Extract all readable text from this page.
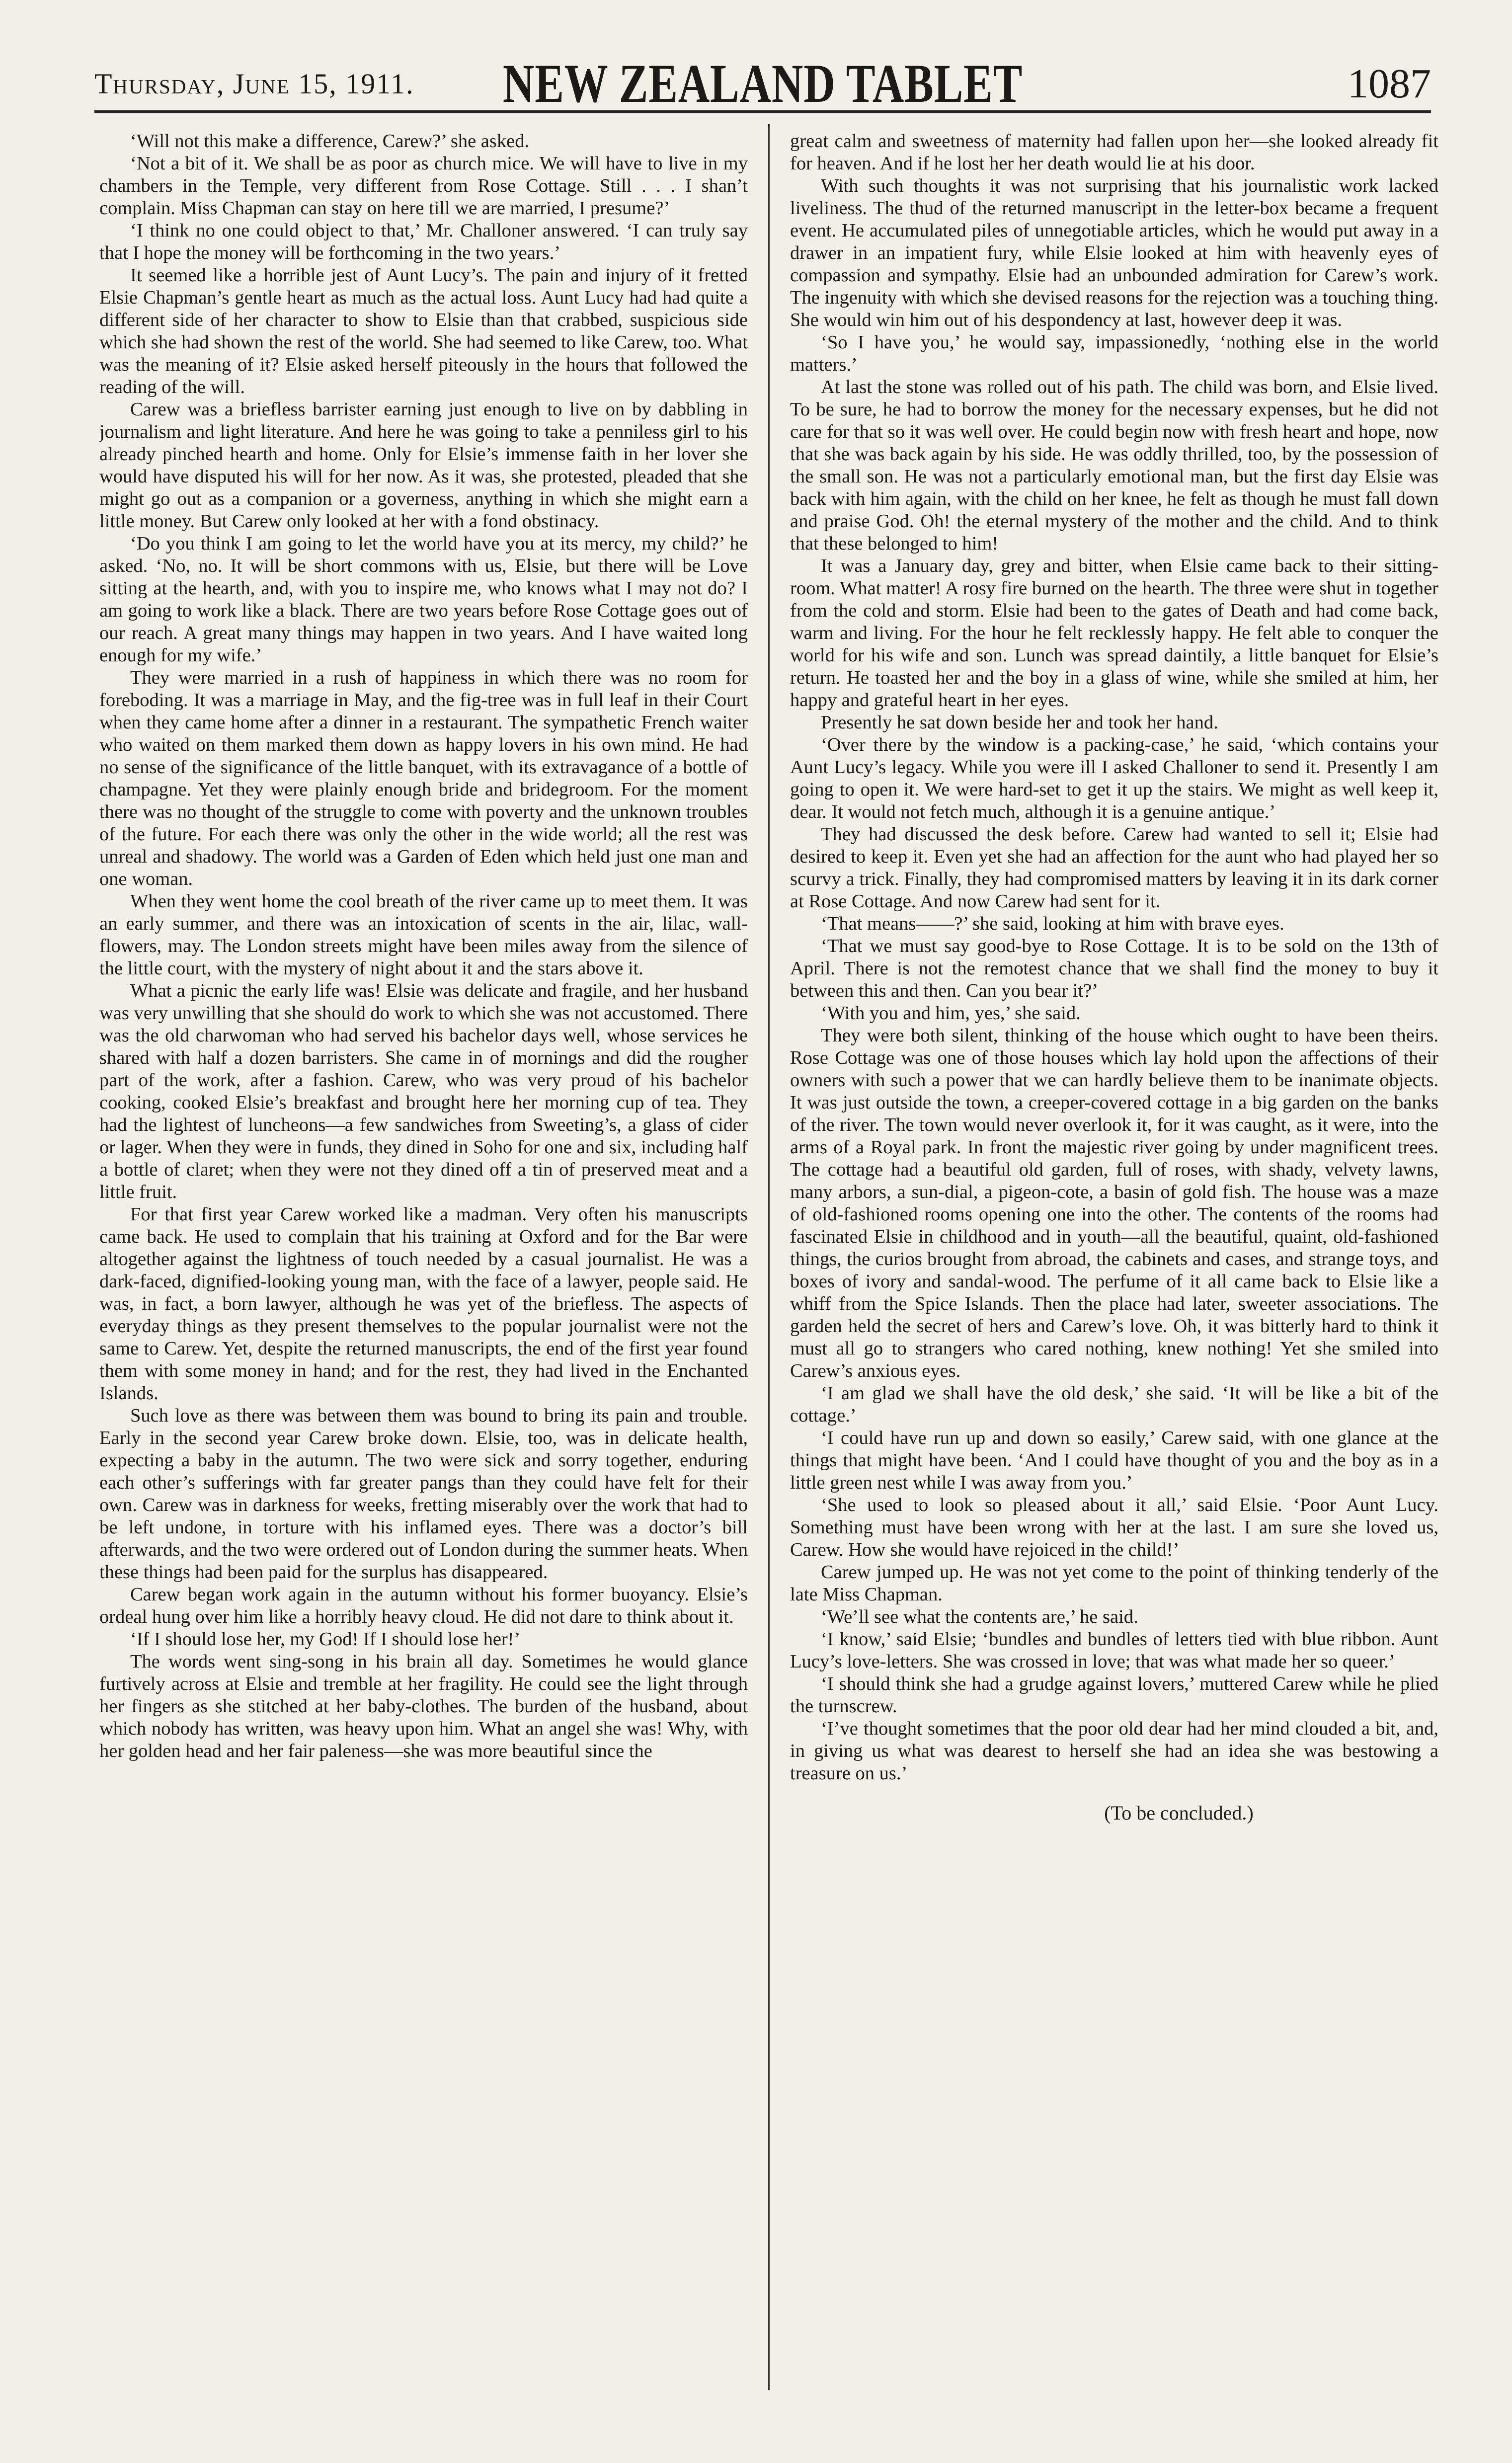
Thursday, June 15, 1911.	NEW ZEALAND TABLET	1087

‘Will not this make a difference, Carew?’ she asked.

‘Not a bit of it. We shall be as poor as church mice. We will have to live in my chambers in the Temple, very different from Rose Cottage. Still . . . I shan’t complain. Miss Chapman can stay on here till we are married, I presume?’

‘I think no one could object to that,’ Mr. Challoner answered. ‘I can truly say that I hope the money will be forthcoming in the two years.’

It seemed like a horrible jest of Aunt Lucy’s. The pain and injury of it fretted Elsie Chapman’s gentle heart as much as the actual loss. Aunt Lucy had had quite a different side of her character to show to Elsie than that crabbed, suspicious side which she had shown the rest of the world. She had seemed to like Carew, too. What was the meaning of it? Elsie asked herself piteously in the hours that followed the reading of the will.

Carew was a briefless barrister earning just enough to live on by dabbling in journalism and light literature. And here he was going to take a penniless girl to his already pinched hearth and home. Only for Elsie’s immense faith in her lover she would have disputed his will for her now. As it was, she protested, pleaded that she might go out as a companion or a governess, anything in which she might earn a little money. But Carew only looked at her with a fond obstinacy.

‘Do you think I am going to let the world have you at its mercy, my child?’ he asked. ‘No, no. It will be short commons with us, Elsie, but there will be Love sitting at the hearth, and, with you to inspire me, who knows what I may not do? I am going to work like a black. There are two years before Rose Cottage goes out of our reach. A great many things may happen in two years. And I have waited long enough for my wife.’

They were married in a rush of happiness in which there was no room for foreboding. It was a marriage in May, and the fig-tree was in full leaf in their Court when they came home after a dinner in a restaurant. The sympathetic French waiter who waited on them marked them down as happy lovers in his own mind. He had no sense of the significance of the little banquet, with its extravagance of a bottle of champagne. Yet they were plainly enough bride and bridegroom. For the moment there was no thought of the struggle to come with poverty and the unknown troubles of the future. For each there was only the other in the wide world; all the rest was unreal and shadowy. The world was a Garden of Eden which held just one man and one woman.

When they went home the cool breath of the river came up to meet them. It was an early summer, and there was an intoxication of scents in the air, lilac, wall-flowers, may. The London streets might have been miles away from the silence of the little court, with the mystery of night about it and the stars above it.

What a picnic the early life was! Elsie was delicate and fragile, and her husband was very unwilling that she should do work to which she was not accustomed. There was the old charwoman who had served his bachelor days well, whose services he shared with half a dozen barristers. She came in of mornings and did the rougher part of the work, after a fashion. Carew, who was very proud of his bachelor cooking, cooked Elsie’s breakfast and brought here her morning cup of tea. They had the lightest of luncheons—a few sandwiches from Sweeting’s, a glass of cider or lager. When they were in funds, they dined in Soho for one and six, including half a bottle of claret; when they were not they dined off a tin of preserved meat and a little fruit.

For that first year Carew worked like a madman. Very often his manuscripts came back. He used to complain that his training at Oxford and for the Bar were altogether against the lightness of touch needed by a casual journalist. He was a dark-faced, dignified-looking young man, with the face of a lawyer, people said. He was, in fact, a born lawyer, although he was yet of the briefless. The aspects of everyday things as they present themselves to the popular journalist were not the same to Carew. Yet, despite the returned manuscripts, the end of the first year found them with some money in hand; and for the rest, they had lived in the Enchanted Islands.

Such love as there was between them was bound to bring its pain and trouble. Early in the second year Carew broke down. Elsie, too, was in delicate health, expecting a baby in the autumn. The two were sick and sorry together, enduring each other’s sufferings with far greater pangs than they could have felt for their own. Carew was in darkness for weeks, fretting miserably over the work that had to be left undone, in torture with his inflamed eyes. There was a doctor’s bill afterwards, and the two were ordered out of London during the summer heats. When these things had been paid for the surplus has disappeared.

Carew began work again in the autumn without his former buoyancy. Elsie’s ordeal hung over him like a horribly heavy cloud. He did not dare to think about it.

‘If I should lose her, my God! If I should lose her!’

The words went sing-song in his brain all day. Sometimes he would glance furtively across at Elsie and tremble at her fragility. He could see the light through her fingers as she stitched at her baby-clothes. The burden of the husband, about which nobody has written, was heavy upon him. What an angel she was! Why, with her golden head and her fair paleness—she was more beautiful since the

great calm and sweetness of maternity had fallen upon her—she looked already fit for heaven. And if he lost her her death would lie at his door.

With such thoughts it was not surprising that his journalistic work lacked liveliness. The thud of the returned manuscript in the letter-box became a frequent event. He accumulated piles of unnegotiable articles, which he would put away in a drawer in an impatient fury, while Elsie looked at him with heavenly eyes of compassion and sympathy. Elsie had an unbounded admiration for Carew’s work. The ingenuity with which she devised reasons for the rejection was a touching thing. She would win him out of his despondency at last, however deep it was.

‘So I have you,’ he would say, impassionedly, ‘nothing else in the world matters.’

At last the stone was rolled out of his path. The child was born, and Elsie lived. To be sure, he had to borrow the money for the necessary expenses, but he did not care for that so it was well over. He could begin now with fresh heart and hope, now that she was back again by his side. He was oddly thrilled, too, by the possession of the small son. He was not a particularly emotional man, but the first day Elsie was back with him again, with the child on her knee, he felt as though he must fall down and praise God. Oh! the eternal mystery of the mother and the child. And to think that these belonged to him!

It was a January day, grey and bitter, when Elsie came back to their sitting-room. What matter! A rosy fire burned on the hearth. The three were shut in together from the cold and storm. Elsie had been to the gates of Death and had come back, warm and living. For the hour he felt recklessly happy. He felt able to conquer the world for his wife and son. Lunch was spread daintily, a little banquet for Elsie’s return. He toasted her and the boy in a glass of wine, while she smiled at him, her happy and grateful heart in her eyes.

Presently he sat down beside her and took her hand.

‘Over there by the window is a packing-case,’ he said, ‘which contains your Aunt Lucy’s legacy. While you were ill I asked Challoner to send it. Presently I am going to open it. We were hard-set to get it up the stairs. We might as well keep it, dear. It would not fetch much, although it is a genuine antique.’

They had discussed the desk before. Carew had wanted to sell it; Elsie had desired to keep it. Even yet she had an affection for the aunt who had played her so scurvy a trick. Finally, they had compromised matters by leaving it in its dark corner at Rose Cottage. And now Carew had sent for it.

‘That means——?’ she said, looking at him with brave eyes.

‘That we must say good-bye to Rose Cottage. It is to be sold on the 13th of April. There is not the remotest chance that we shall find the money to buy it between this and then. Can you bear it?’

‘With you and him, yes,’ she said.

They were both silent, thinking of the house which ought to have been theirs. Rose Cottage was one of those houses which lay hold upon the affections of their owners with such a power that we can hardly believe them to be inanimate objects. It was just outside the town, a creeper-covered cottage in a big garden on the banks of the river. The town would never overlook it, for it was caught, as it were, into the arms of a Royal park. In front the majestic river going by under magnificent trees. The cottage had a beautiful old garden, full of roses, with shady, velvety lawns, many arbors, a sun-dial, a pigeon-cote, a basin of gold fish. The house was a maze of old-fashioned rooms opening one into the other. The contents of the rooms had fascinated Elsie in childhood and in youth—all the beautiful, quaint, old-fashioned things, the curios brought from abroad, the cabinets and cases, and strange toys, and boxes of ivory and sandal-wood. The perfume of it all came back to Elsie like a whiff from the Spice Islands. Then the place had later, sweeter associations. The garden held the secret of hers and Carew’s love. Oh, it was bitterly hard to think it must all go to strangers who cared nothing, knew nothing! Yet she smiled into Carew’s anxious eyes.

‘I am glad we shall have the old desk,’ she said. ‘It will be like a bit of the cottage.’

‘I could have run up and down so easily,’ Carew said, with one glance at the things that might have been. ‘And I could have thought of you and the boy as in a little green nest while I was away from you.’

‘She used to look so pleased about it all,’ said Elsie. ‘Poor Aunt Lucy. Something must have been wrong with her at the last. I am sure she loved us, Carew. How she would have rejoiced in the child!’

Carew jumped up. He was not yet come to the point of thinking tenderly of the late Miss Chapman.

‘We’ll see what the contents are,’ he said.

‘I know,’ said Elsie; ‘bundles and bundles of letters tied with blue ribbon. Aunt Lucy’s love-letters. She was crossed in love; that was what made her so queer.’

‘I should think she had a grudge against lovers,’ muttered Carew while he plied the turnscrew.

‘I’ve thought sometimes that the poor old dear had her mind clouded a bit, and, in giving us what was dearest to herself she had an idea she was bestowing a treasure on us.’

(To be concluded.)
